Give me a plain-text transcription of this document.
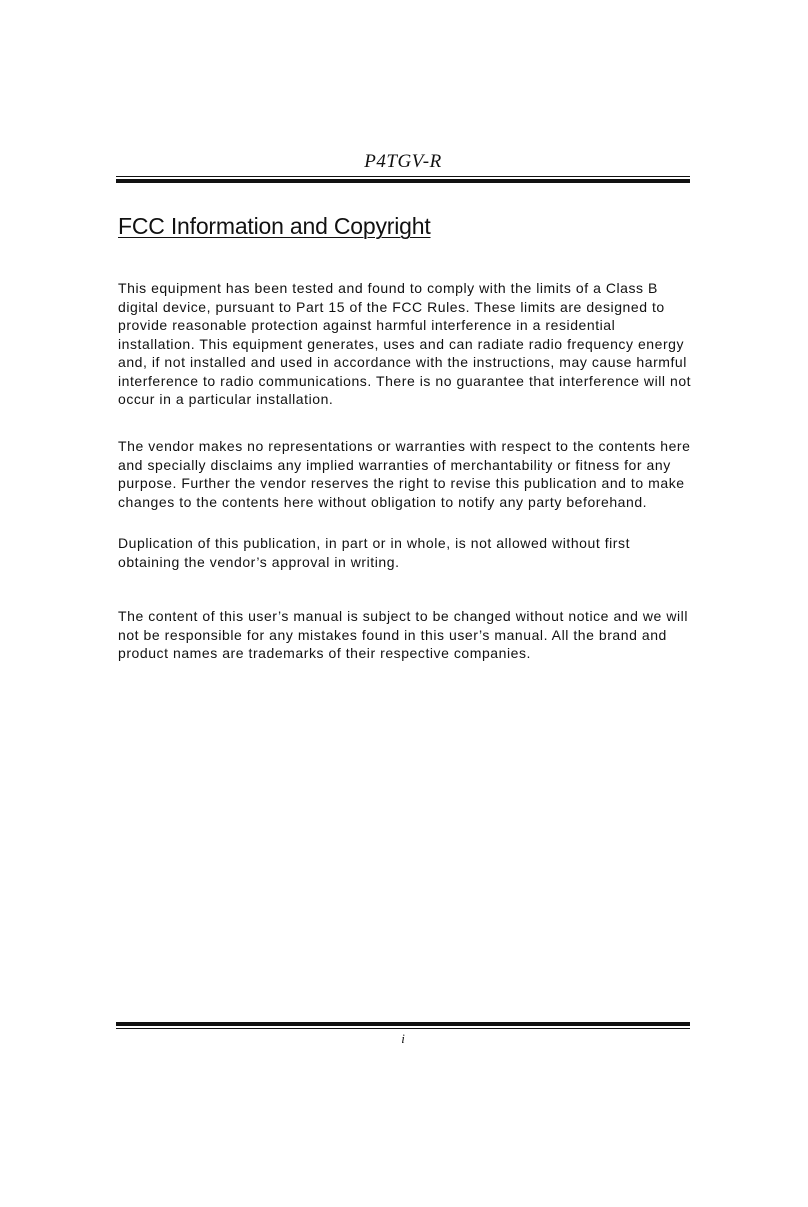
P4TGV-R

FCC Information and Copyright

This equipment has been tested and found to comply with the limits of a Class B digital device, pursuant to Part 15 of the FCC Rules. These limits are designed to provide reasonable protection against harmful interference in a residential installation. This equipment generates, uses and can radiate radio frequency energy and, if not installed and used in accordance with the instructions, may cause harmful interference to radio communications. There is no guarantee that interference will not occur in a particular installation.

The vendor makes no representations or warranties with respect to the contents here and specially disclaims any implied warranties of merchantability or fitness for any purpose. Further the vendor reserves the right to revise this publication and to make changes to the contents here without obligation to notify any party beforehand.

Duplication of this publication, in part or in whole, is not allowed without first obtaining the vendor’s approval in writing.

The content of this user’s manual is subject to be changed without notice and we will not be responsible for any mistakes found in this user’s manual. All the brand and product names are trademarks of their respective companies.

i
